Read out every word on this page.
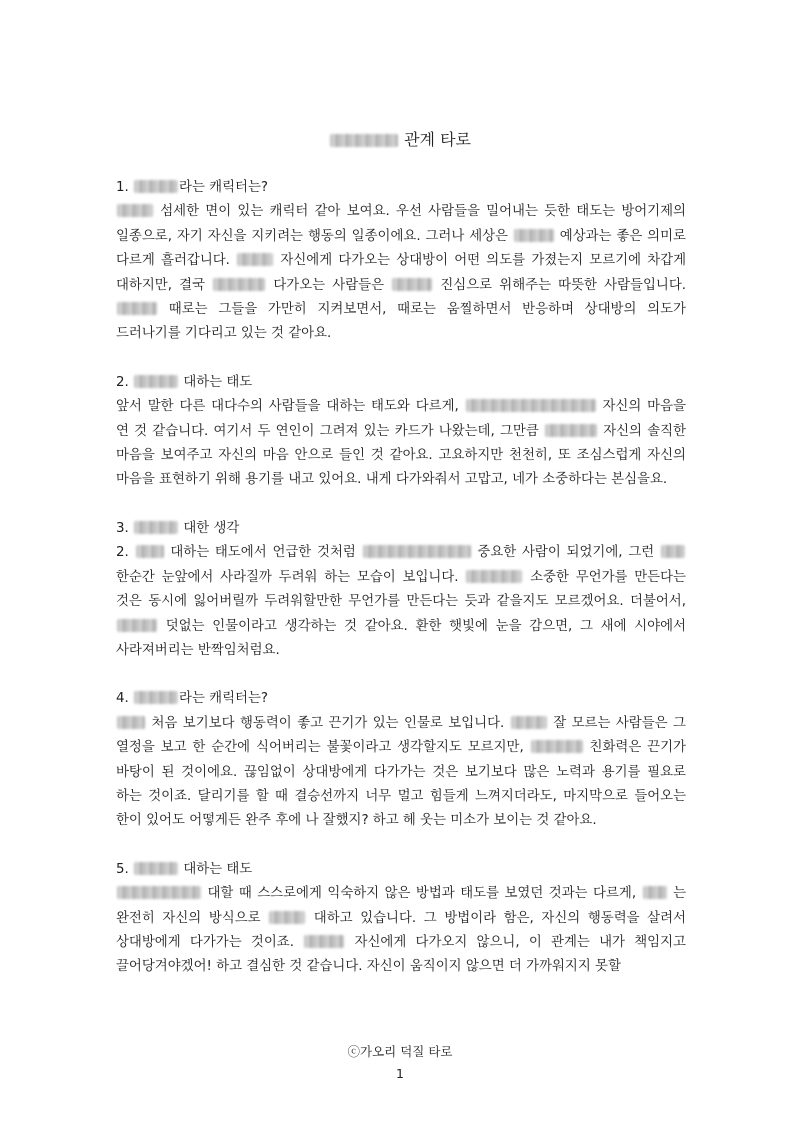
관계 타로

1.	라는 캐릭터는?

섬세한 면이 있는 캐릭터 같아 보여요. 우선 사람들을 밀어내는 듯한 태도는 방어기제의 일종으로, 자기 자신을 지키려는 행동의 일종이에요. 그러나 세상은	예상과는 좋은 의미로 다르게 흘러갑니다.	자신에게 다가오는 상대방이 어떤 의도를 가졌는지 모르기에 차갑게 대하지만, 결국	다가오는 사람들은	진심으로 위해주는 따뜻한 사람들입니다.  때로는 그들을 가만히 지켜보면서, 때로는 움찔하면서 반응하며 상대방의 의도가 드러나기를 기다리고 있는 것 같아요.

2.	대하는 태도

앞서 말한 다른 대다수의 사람들을 대하는 태도와 다르게,	자신의 마음을 연 것 같습니다. 여기서 두 연인이 그려져 있는 카드가 나왔는데, 그만큼	자신의 솔직한 마음을 보여주고 자신의 마음 안으로 들인 것 같아요. 고요하지만 천천히, 또 조심스럽게 자신의 마음을 표현하기 위해 용기를 내고 있어요. 내게 다가와줘서 고맙고, 네가 소중하다는 본심을요.

3.	대한 생각

2.	대하는 태도에서 언급한 것처럼	중요한 사람이 되었기에, 그런  한순간 눈앞에서 사라질까 두려워 하는 모습이 보입니다.	소중한 무언가를 만든다는 것은 동시에 잃어버릴까 두려워할만한 무언가를 만든다는 듯과 같을지도 모르겠어요. 더불어서,  덧없는 인물이라고 생각하는 것 같아요. 환한 햇빛에 눈을 감으면, 그 새에 시야에서 사라져버리는 반짝임처럼요.

4.	라는 캐릭터는?

처음 보기보다 행동력이 좋고 끈기가 있는 인물로 보입니다.	잘 모르는 사람들은 그 열정을 보고 한 순간에 식어버리는 불꽃이라고 생각할지도 모르지만,	친화력은 끈기가 바탕이 된 것이에요. 끊임없이 상대방에게 다가가는 것은 보기보다 많은 노력과 용기를 필요로 하는 것이죠. 달리기를 할 때 결승선까지 너무 멀고 힘들게 느껴지더라도, 마지막으로 들어오는 한이 있어도 어떻게든 완주 후에 나 잘했지? 하고 헤 웃는 미소가 보이는 것 같아요.

5.	대하는 태도

대할 때 스스로에게 익숙하지 않은 방법과 태도를 보였던 것과는 다르게,	는 완전히 자신의 방식으로	대하고 있습니다. 그 방법이라 함은, 자신의 행동력을 살려서 상대방에게 다가가는 것이죠.	자신에게 다가오지 않으니, 이 관계는 내가 책임지고 끌어당겨야겠어! 하고 결심한 것 같습니다. 자신이 움직이지 않으면 더 가까워지지 못할

ⓒ가오리 덕질 타로
1
